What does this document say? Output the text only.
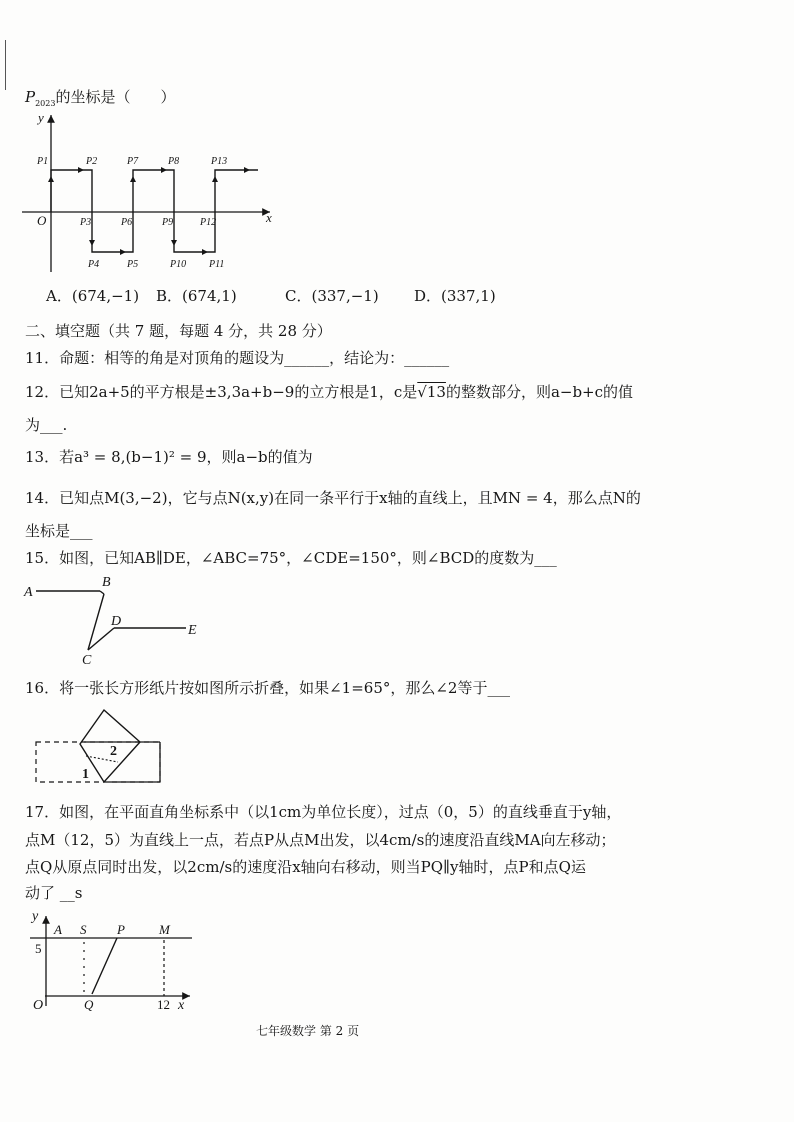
$P_{2023}$的坐标是（　　）
x
y
O
P1	P2
P3
P4	P5
P6
P7	P8
P9
P10 P11
P12
P13
A．(674,−1) B．(674,1)	C．(337,−1) D．(337,1)
二、填空题（共 7 题，每题 4 分，共 28 分）
11．命题：相等的角是对顶角的题设为______，结论为：______
12．已知2a+5的平方根是±3,3a+b−9的立方根是1，c是√13的整数部分，则a−b+c的值
为___.
13．若a³ = 8,(b−1)² = 9，则a−b的值为
14．已知点M(3,−2)，它与点N(x,y)在同一条平行于x轴的直线上，且MN = 4，那么点N的
坐标是___
15．如图，已知AB∥DE，∠ABC=75°，∠CDE=150°，则∠BCD的度数为___
A
B
C
D
E
16．将一张长方形纸片按如图所示折叠，如果∠1=65°，那么∠2等于___
2
1
17．如图，在平面直角坐标系中（以1cm为单位长度），过点（0，5）的直线垂直于y轴，
点M（12，5）为直线上一点，若点P从点M出发，以4cm/s的速度沿直线MA向左移动；
点Q从原点同时出发，以2cm/s的速度沿x轴向右移动，则当PQ∥y轴时，点P和点Q运
动了 __s
y
x
O
A S P	M
Q
5
12
七年级数学 第 2 页
